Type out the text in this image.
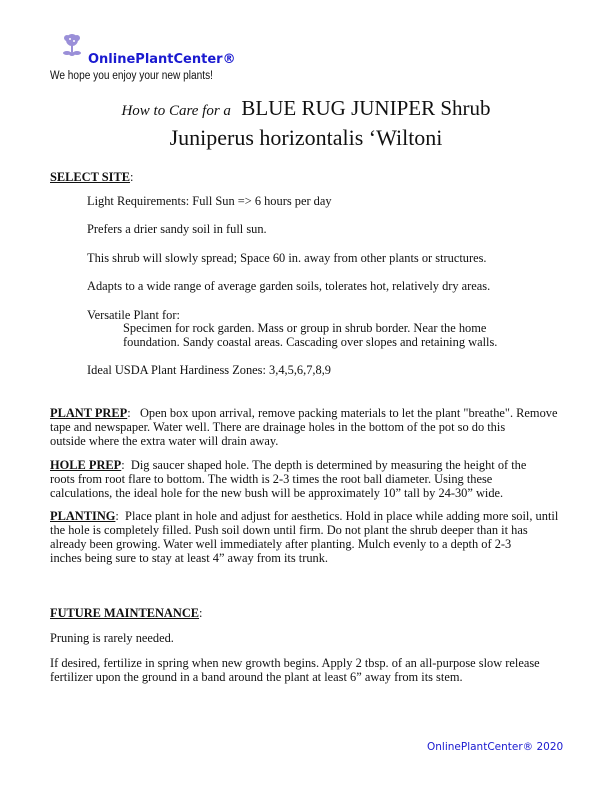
OnlinePlantCenter®
We hope you enjoy your new plants!
How to Care for a BLUE RUG JUNIPER Shrub
Juniperus horizontalis ‘Wiltoni
SELECT SITE:
Light Requirements: Full Sun => 6 hours per day
Prefers a drier sandy soil in full sun.
This shrub will slowly spread; Space 60 in. away from other plants or structures.
Adapts to a wide range of average garden soils, tolerates hot, relatively dry areas.
Versatile Plant for:
Specimen for rock garden. Mass or group in shrub border. Near the home
foundation. Sandy coastal areas. Cascading over slopes and retaining walls.
Ideal USDA Plant Hardiness Zones: 3,4,5,6,7,8,9
PLANT PREP:   Open box upon arrival, remove packing materials to let the plant "breathe". Remove
tape and newspaper. Water well. There are drainage holes in the bottom of the pot so do this
outside where the extra water will drain away.
HOLE PREP:  Dig saucer shaped hole. The depth is determined by measuring the height of the
roots from root flare to bottom. The width is 2-3 times the root ball diameter. Using these
calculations, the ideal hole for the new bush will be approximately 10” tall by 24-30” wide.
PLANTING:  Place plant in hole and adjust for aesthetics. Hold in place while adding more soil, until
the hole is completely filled. Push soil down until firm. Do not plant the shrub deeper than it has
already been growing. Water well immediately after planting. Mulch evenly to a depth of 2-3
inches being sure to stay at least 4” away from its trunk.
FUTURE MAINTENANCE:
Pruning is rarely needed.
If desired, fertilize in spring when new growth begins. Apply 2 tbsp. of an all-purpose slow release
fertilizer upon the ground in a band around the plant at least 6” away from its stem.
OnlinePlantCenter® 2020
